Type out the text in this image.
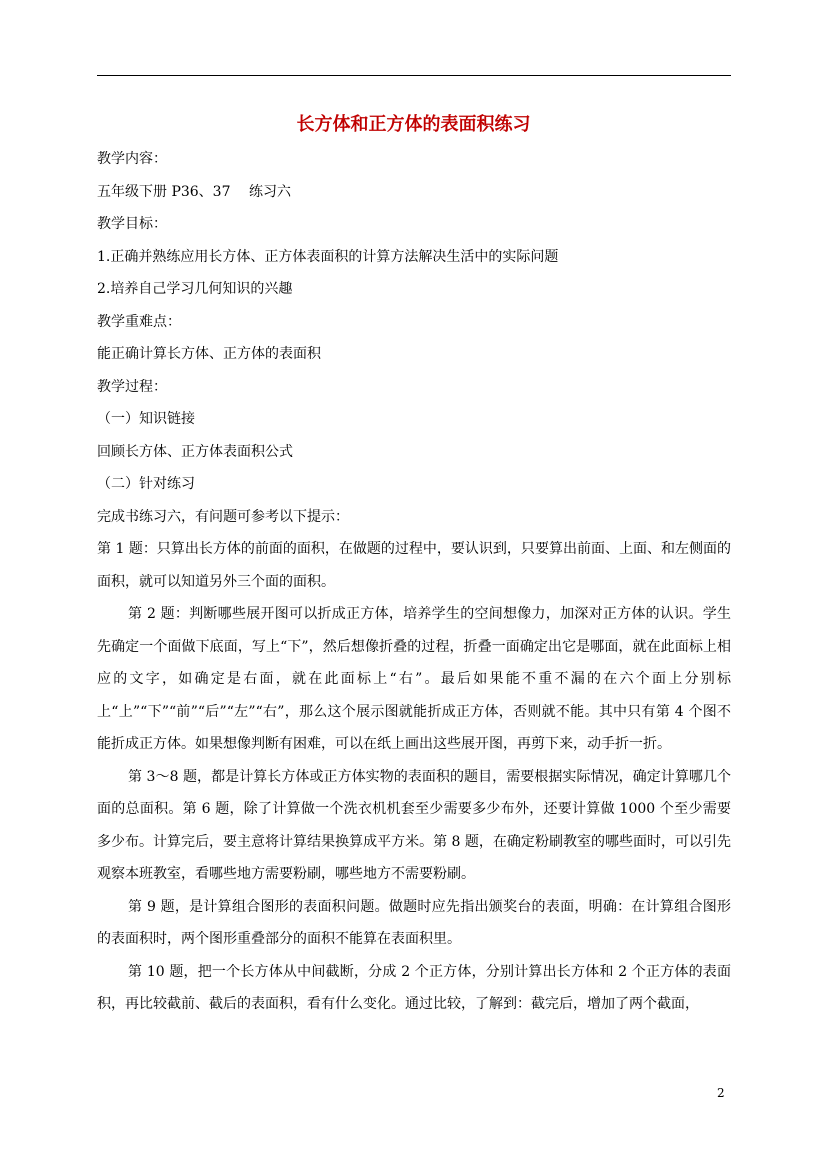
长方体和正方体的表面积练习

教学内容：

五年级下册 P36、37　 练习六

教学目标：

1.正确并熟练应用长方体、正方体表面积的计算方法解决生活中的实际问题

2.培养自己学习几何知识的兴趣

教学重难点：

能正确计算长方体、正方体的表面积

教学过程：

（一）知识链接

回顾长方体、正方体表面积公式

（二）针对练习

完成书练习六，有问题可参考以下提示：

第 1 题：只算出长方体的前面的面积，在做题的过程中，要认识到，只要算出前面、上面、和左侧面的面积，就可以知道另外三个面的面积。

第 2 题：判断哪些展开图可以折成正方体，培养学生的空间想像力，加深对正方体的认识。学生先确定一个面做下底面，写上“下”，然后想像折叠的过程，折叠一面确定出它是哪面，就在此面标上相应的文字，如确定是右面，就在此面标上“右”。最后如果能不重不漏的在六个面上分别标上“上”“下”“前”“后”“左”“右”，那么这个展示图就能折成正方体，否则就不能。其中只有第 4 个图不能折成正方体。如果想像判断有困难，可以在纸上画出这些展开图，再剪下来，动手折一折。

第 3～8 题，都是计算长方体或正方体实物的表面积的题目，需要根据实际情况，确定计算哪几个面的总面积。第 6 题，除了计算做一个洗衣机机套至少需要多少布外，还要计算做 1000 个至少需要多少布。计算完后，要主意将计算结果换算成平方米。第 8 题，在确定粉刷教室的哪些面时，可以引先观察本班教室，看哪些地方需要粉刷，哪些地方不需要粉刷。

第 9 题，是计算组合图形的表面积问题。做题时应先指出颁奖台的表面，明确：在计算组合图形的表面积时，两个图形重叠部分的面积不能算在表面积里。

第 10 题，把一个长方体从中间截断，分成 2 个正方体，分别计算出长方体和 2 个正方体的表面积，再比较截前、截后的表面积，看有什么变化。通过比较，了解到：截完后，增加了两个截面，

2
